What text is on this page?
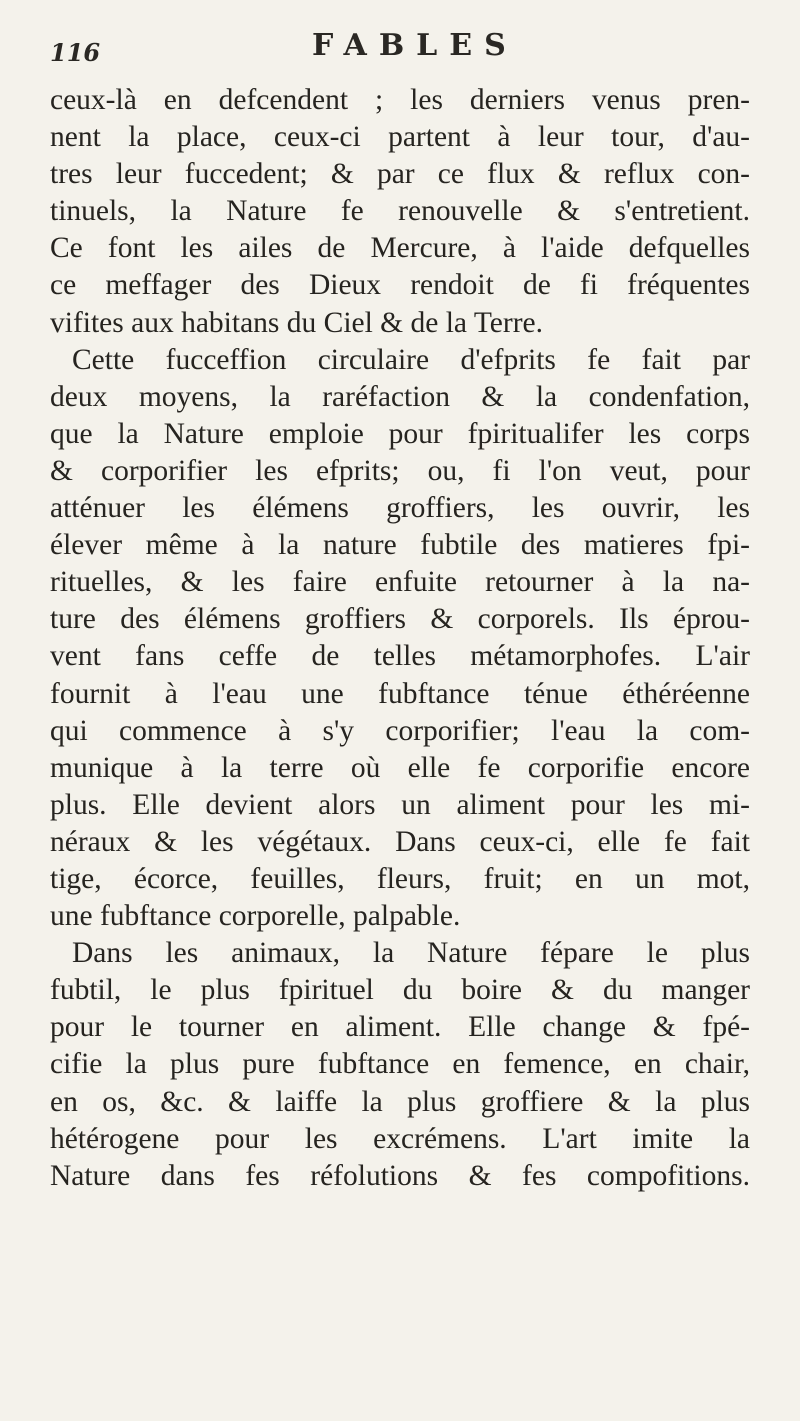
116	FABLES
ceux-là en defcendent ; les derniers venus pren-
nent la place, ceux-ci partent à leur tour, d'au-
tres leur fuccedent; & par ce flux & reflux con-
tinuels, la Nature fe renouvelle & s'entretient.
Ce font les ailes de Mercure, à l'aide defquelles
ce meffager des Dieux rendoit de fi fréquentes
vifites aux habitans du Ciel & de la Terre.
Cette fucceffion circulaire d'efprits fe fait par
deux moyens, la raréfaction & la condenfation,
que la Nature emploie pour fpiritualifer les corps
& corporifier les efprits; ou, fi l'on veut, pour
atténuer les élémens groffiers, les ouvrir, les
élever même à la nature fubtile des matieres fpi-
rituelles, & les faire enfuite retourner à la na-
ture des élémens groffiers & corporels. Ils éprou-
vent fans ceffe de telles métamorphofes. L'air
fournit à l'eau une fubftance ténue éthéréenne
qui commence à s'y corporifier; l'eau la com-
munique à la terre où elle fe corporifie encore
plus. Elle devient alors un aliment pour les mi-
néraux & les végétaux. Dans ceux-ci, elle fe fait
tige, écorce, feuilles, fleurs, fruit; en un mot,
une fubftance corporelle, palpable.
Dans les animaux, la Nature fépare le plus
fubtil, le plus fpirituel du boire & du manger
pour le tourner en aliment. Elle change & fpé-
cifie la plus pure fubftance en femence, en chair,
en os, &c. & laiffe la plus groffiere & la plus
hétérogene pour les excrémens. L'art imite la
Nature dans fes réfolutions & fes compofitions.
